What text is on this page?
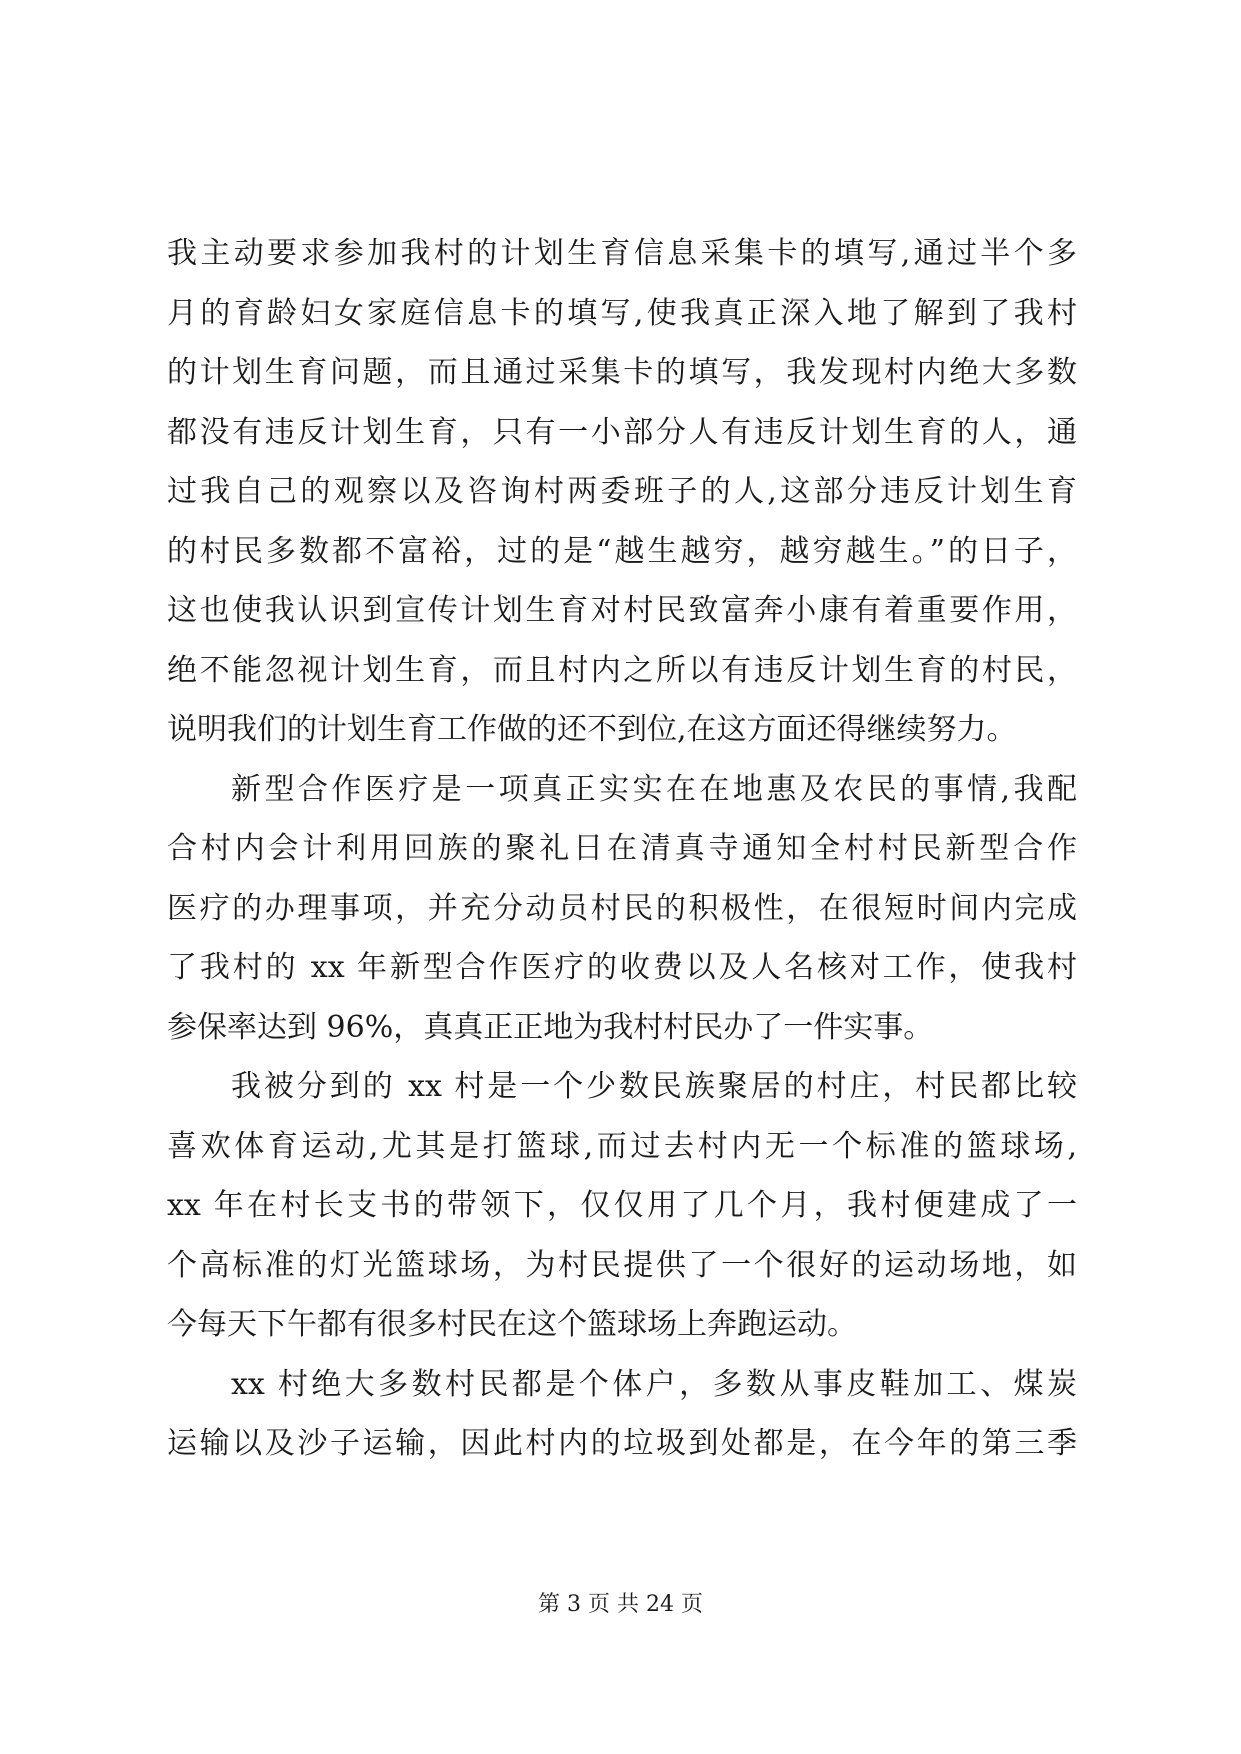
我主动要求参加我村的计划生育信息采集卡的填写,通过半个多
月的育龄妇女家庭信息卡的填写,使我真正深入地了解到了我村
的计划生育问题，而且通过采集卡的填写，我发现村内绝大多数
都没有违反计划生育，只有一小部分人有违反计划生育的人，通
过我自己的观察以及咨询村两委班子的人,这部分违反计划生育
的村民多数都不富裕，过的是“越生越穷，越穷越生。”的日子，
这也使我认识到宣传计划生育对村民致富奔小康有着重要作用，
绝不能忽视计划生育，而且村内之所以有违反计划生育的村民，
说明我们的计划生育工作做的还不到位,在这方面还得继续努力。
新型合作医疗是一项真正实实在在地惠及农民的事情,我配
合村内会计利用回族的聚礼日在清真寺通知全村村民新型合作
医疗的办理事项，并充分动员村民的积极性，在很短时间内完成
了我村的 xx 年新型合作医疗的收费以及人名核对工作，使我村
参保率达到 96%，真真正正地为我村村民办了一件实事。
我被分到的 xx 村是一个少数民族聚居的村庄，村民都比较
喜欢体育运动,尤其是打篮球,而过去村内无一个标准的篮球场,
xx 年在村长支书的带领下，仅仅用了几个月，我村便建成了一
个高标准的灯光篮球场，为村民提供了一个很好的运动场地，如
今每天下午都有很多村民在这个篮球场上奔跑运动。
xx 村绝大多数村民都是个体户，多数从事皮鞋加工、煤炭
运输以及沙子运输，因此村内的垃圾到处都是，在今年的第三季
第 3 页 共 24 页
